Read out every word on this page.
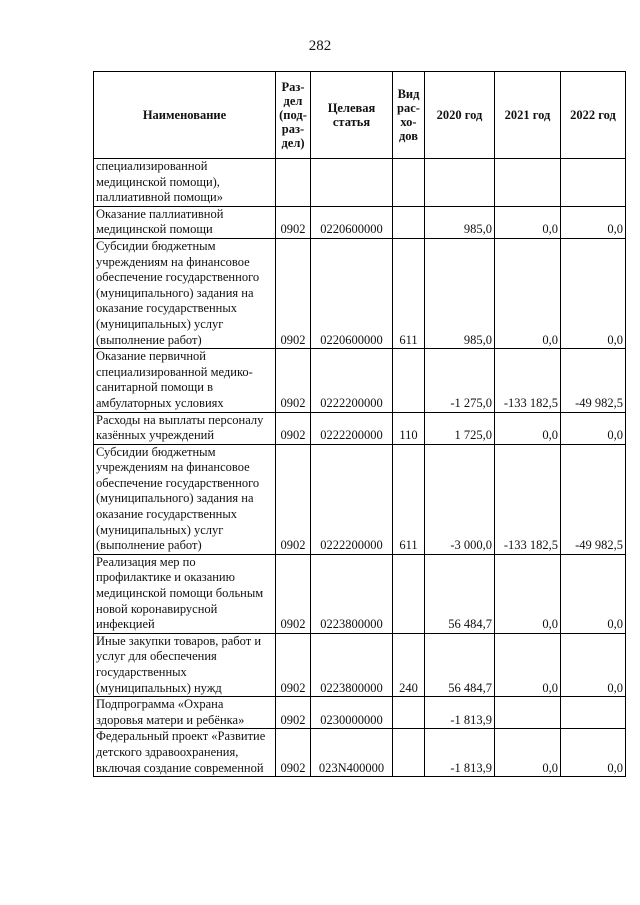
282
Наименование	Раз-
дел
(под-
раз-
дел)	Целевая
статья	Вид
рас-
хо-
дов	2020 год	2021 год	2022 год
специализированной медицинской помощи), паллиативной помощи»						
Оказание паллиативной медицинской помощи	0902	0220600000		985,0	0,0	0,0
Субсидии бюджетным учреждениям на финансовое обеспечение государственного (муниципального) задания на оказание государственных (муниципальных) услуг (выполнение работ)	0902	0220600000	611	985,0	0,0	0,0
Оказание первичной специализированной медико-санитарной помощи в амбулаторных условиях	0902	0222200000		-1 275,0	-133 182,5	-49 982,5
Расходы на выплаты персоналу казённых учреждений	0902	0222200000	110	1 725,0	0,0	0,0
Субсидии бюджетным учреждениям на финансовое обеспечение государственного (муниципального) задания на оказание государственных (муниципальных) услуг (выполнение работ)	0902	0222200000	611	-3 000,0	-133 182,5	-49 982,5
Реализация мер по профилактике и оказанию медицинской помощи больным новой коронавирусной инфекцией	0902	0223800000		56 484,7	0,0	0,0
Иные закупки товаров, работ и услуг для обеспечения государственных (муниципальных) нужд	0902	0223800000	240	56 484,7	0,0	0,0
Подпрограмма «Охрана здоровья матери и ребёнка»	0902	0230000000		-1 813,9		
Федеральный проект «Развитие детского здравоохранения, включая создание современной	0902	023N400000		-1 813,9	0,0	0,0
